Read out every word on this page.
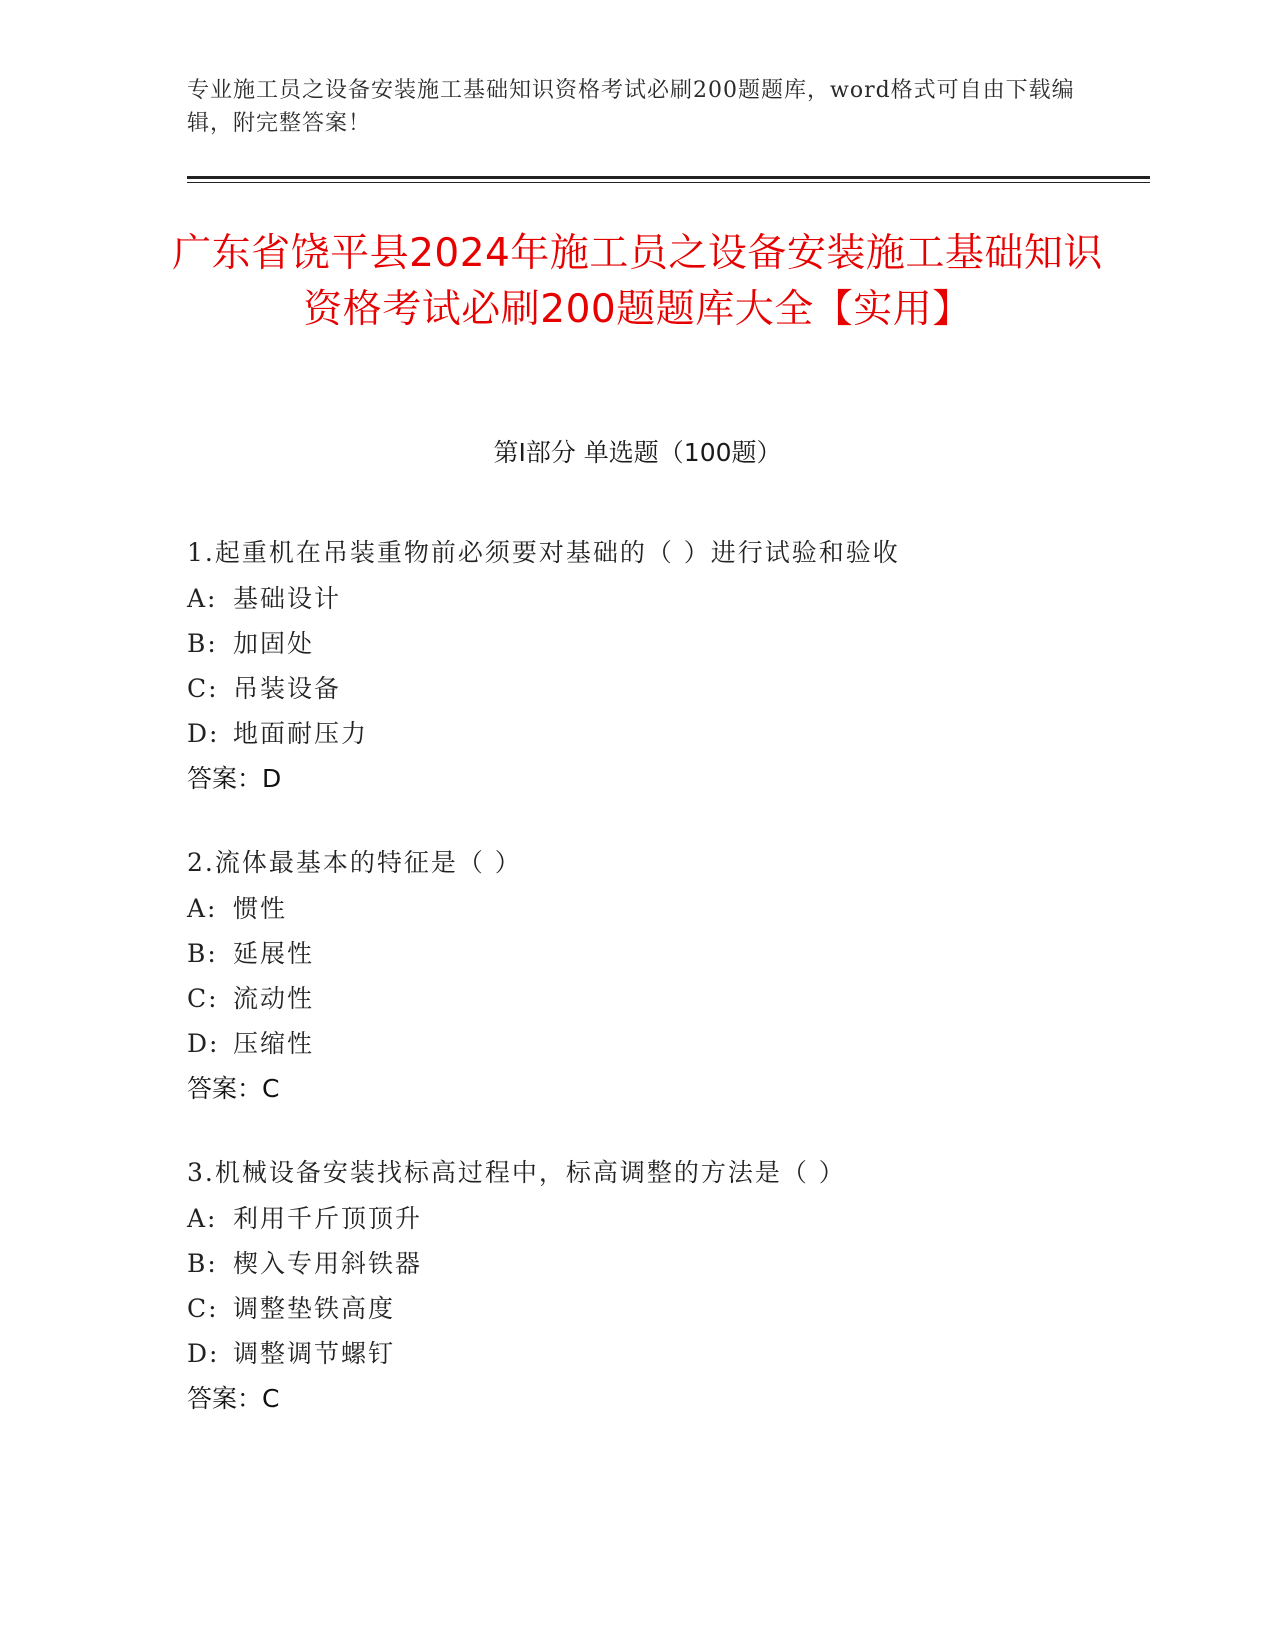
专业施工员之设备安装施工基础知识资格考试必刷200题题库，word格式可自由下载编辑，附完整答案！
广东省饶平县2024年施工员之设备安装施工基础知识资格考试必刷200题题库大全【实用】
第Ⅰ部分 单选题（100题）
1.起重机在吊装重物前必须要对基础的（ ）进行试验和验收
A: 基础设计
B: 加固处
C: 吊装设备
D: 地面耐压力
答案：D
2.流体最基本的特征是（ ）
A: 惯性
B: 延展性
C: 流动性
D: 压缩性
答案：C
3.机械设备安装找标高过程中，标高调整的方法是（ ）
A: 利用千斤顶顶升
B: 楔入专用斜铁器
C: 调整垫铁高度
D: 调整调节螺钉
答案：C
